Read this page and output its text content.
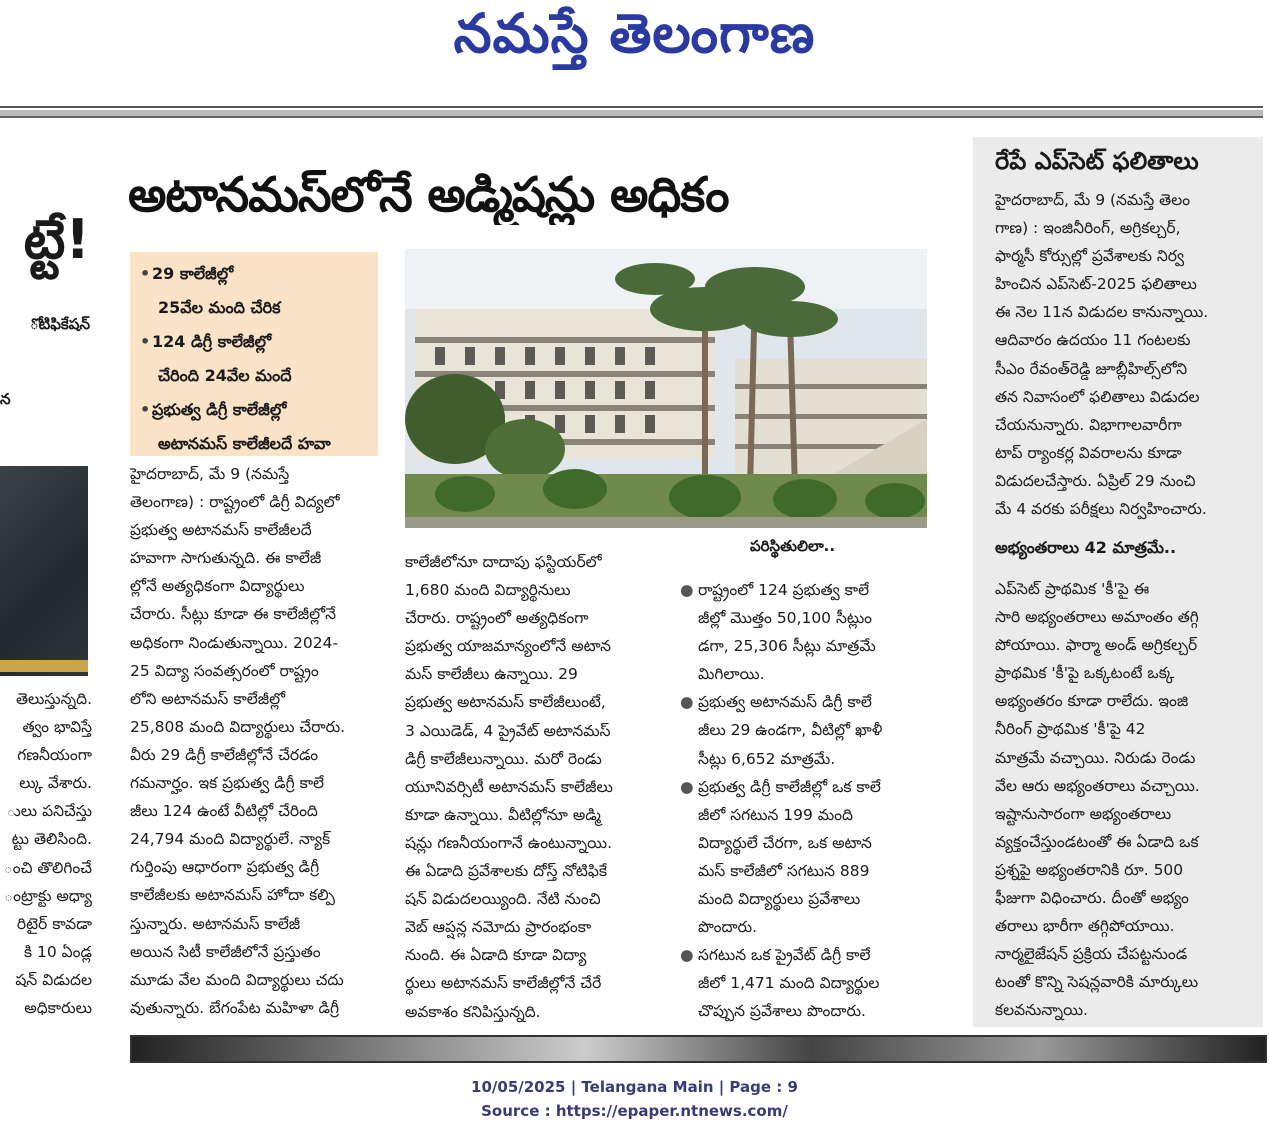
నమస్తే తెలంగాణ
ట్టే!
ోటిఫికేషన్
న

తెలుస్తున్నది.

త్వం భావిస్తే

గణనీయంగా

ల్కు వేశారు.

ులు పనిచేస్తు

ట్టు తెలిసింది.

ంచి తొలిగించే

ంట్రాక్టు అధ్యా

రిటైర్ కావడా

కి 10 ఏండ్ల

షన్ విడుదల

అధికారులు

అటానమస్‌లోనే అడ్మిషన్లు అధికం
• 29 కాలేజీల్లో
25వేల మంది చేరిక
• 124 డిగ్రీ కాలేజీల్లో
చేరింది 24వేల మందే
• ప్రభుత్వ డిగ్రీ కాలేజీల్లో
అటానమస్ కాలేజీలదే హవా
పరిస్థితులిలా..

హైదరాబాద్, మే 9 (నమస్తే

తెలంగాణ) : రాష్ట్రంలో డిగ్రీ విద్యలో

ప్రభుత్వ అటానమస్ కాలేజీలదే

హవాగా సాగుతున్నది. ఈ కాలేజీ

ల్లోనే అత్యధికంగా విద్యార్థులు

చేరారు. సీట్లు కూడా ఈ కాలేజీల్లోనే

అధికంగా నిండుతున్నాయి. 2024-

25 విద్యా సంవత్సరంలో రాష్ట్రం

లోని అటానమస్ కాలేజీల్లో

25,808 మంది విద్యార్థులు చేరారు.

వీరు 29 డిగ్రీ కాలేజీల్లోనే చేరడం

గమనార్హం. ఇక ప్రభుత్వ డిగ్రీ కాలే

జీలు 124 ఉంటే వీటిల్లో చేరింది

24,794 మంది విద్యార్థులే. న్యాక్

గుర్తింపు ఆధారంగా ప్రభుత్వ డిగ్రీ

కాలేజీలకు అటానమస్ హోదా కల్పి

స్తున్నారు. అటానమస్ కాలేజీ

అయిన సిటీ కాలేజీలోనే ప్రస్తుతం

మూడు వేల మంది విద్యార్థులు చదు

వుతున్నారు. బేగంపేట మహిళా డిగ్రీ

కాలేజీలోనూ దాదాపు ఫస్టియర్‌లో

1,680 మంది విద్యార్థినులు

చేరారు. రాష్ట్రంలో అత్యధికంగా

ప్రభుత్వ యాజమాన్యంలోనే అటాన

మస్ కాలేజీలు ఉన్నాయి. 29

ప్రభుత్వ అటానమస్ కాలేజీలుంటే,

3 ఎయిడెడ్, 4 ప్రైవేట్ అటానమస్

డిగ్రీ కాలేజీలున్నాయి. మరో రెండు

యూనివర్సిటీ అటానమస్ కాలేజీలు

కూడా ఉన్నాయి. వీటిల్లోనూ అడ్మి

షన్లు గణనీయంగానే ఉంటున్నాయి.

ఈ ఏడాది ప్రవేశాలకు దోస్త్ నోటిఫికే

షన్ విడుదలయ్యింది. నేటి నుంచి

వెబ్ ఆప్షన్ల నమోదు ప్రారంభంకా

నుంది. ఈ ఏడాది కూడా విద్యా

ర్థులు అటానమస్ కాలేజీల్లోనే చేరే

అవకాశం కనిపిస్తున్నది.

● రాష్ట్రంలో 124 ప్రభుత్వ కాలే

జీల్లో మొత్తం 50,100 సీట్లుం

డగా, 25,306 సీట్లు మాత్రమే

మిగిలాయి.

● ప్రభుత్వ అటానమస్ డిగ్రీ కాలే

జీలు 29 ఉండగా, వీటిల్లో ఖాళీ

సీట్లు 6,652 మాత్రమే.

● ప్రభుత్వ డిగ్రీ కాలేజీల్లో ఒక కాలే

జీలో సగటున 199 మంది

విద్యార్థులే చేరగా, ఒక అటాన

మస్ కాలేజీలో సగటున 889

మంది విద్యార్థులు ప్రవేశాలు

పొందారు.

● సగటున ఒక ప్రైవేట్ డిగ్రీ కాలే

జీలో 1,471 మంది విద్యార్థుల

చొప్పున ప్రవేశాలు పొందారు.

రేపే ఎప్‌సెట్ ఫలితాలు

హైదరాబాద్, మే 9 (నమస్తే తెలం

గాణ) : ఇంజినీరింగ్, అగ్రికల్చర్,

ఫార్మసీ కోర్సుల్లో ప్రవేశాలకు నిర్వ

హించిన ఎప్‌సెట్-2025 ఫలితాలు

ఈ నెల 11న విడుదల కానున్నాయి.

ఆదివారం ఉదయం 11 గంటలకు

సీఎం రేవంత్‌రెడ్డి జూబ్లీహిల్స్‌లోని

తన నివాసంలో ఫలితాలు విడుదల

చేయనున్నారు. విభాగాలవారీగా

టాప్ ర్యాంకర్ల వివరాలను కూడా

విడుదలచేస్తారు. ఏప్రిల్ 29 నుంచి

మే 4 వరకు పరీక్షలు నిర్వహించారు.

అభ్యంతరాలు 42 మాత్రమే..

ఎప్‌సెట్ ప్రాథమిక 'కీ'పై ఈ

సారి అభ్యంతరాలు అమాంతం తగ్గి

పోయాయి. ఫార్మా అండ్ అగ్రికల్చర్

ప్రాథమిక 'కీ'పై ఒక్కటంటే ఒక్క

అభ్యంతరం కూడా రాలేదు. ఇంజి

నీరింగ్ ప్రాథమిక 'కీ'పై 42

మాత్రమే వచ్చాయి. నిరుడు రెండు

వేల ఆరు అభ్యంతరాలు వచ్చాయి.

ఇష్టానుసారంగా అభ్యంతరాలు

వ్యక్తంచేస్తుండటంతో ఈ ఏడాది ఒక

ప్రశ్నపై అభ్యంతరానికి రూ. 500

ఫీజుగా విధించారు. దీంతో అభ్యం

తరాలు భారీగా తగ్గిపోయాయి.

నార్మలైజేషన్ ప్రక్రియ చేపట్టనుండ

టంతో కొన్ని సెషన్లవారికి మార్కులు

కలవనున్నాయి.

10/05/2025 | Telangana Main | Page : 9
Source : https://epaper.ntnews.com/
